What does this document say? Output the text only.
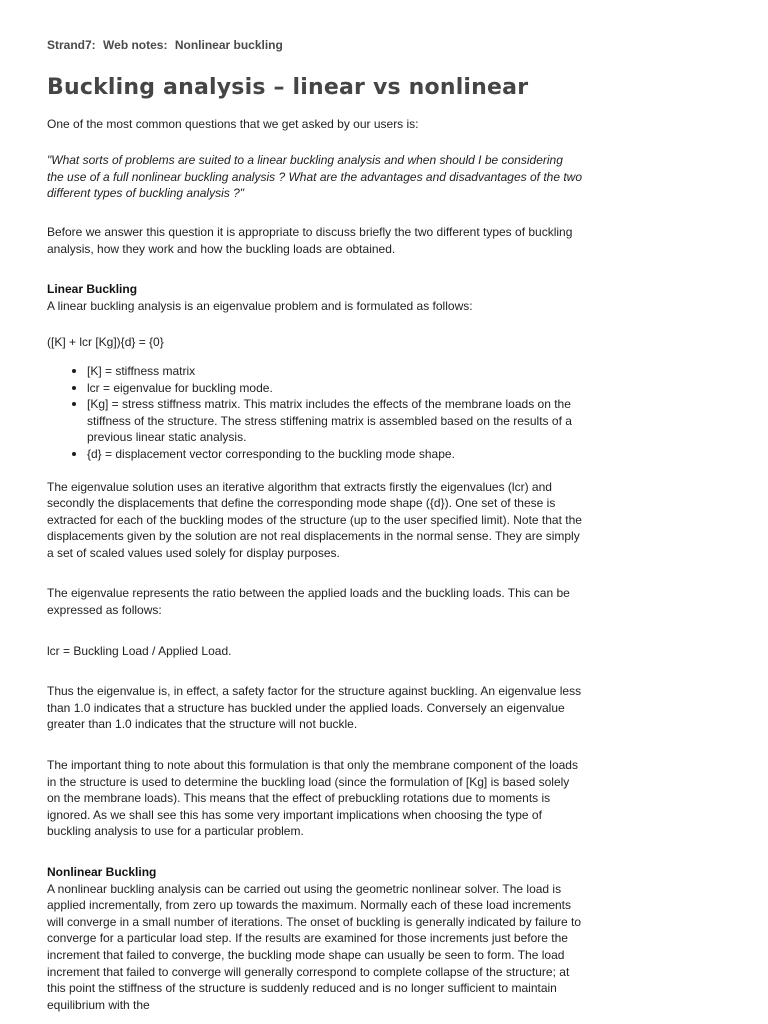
Strand7: Web notes: Nonlinear buckling
Buckling analysis – linear vs nonlinear

One of the most common questions that we get asked by our users is:

"What sorts of problems are suited to a linear buckling analysis and when should I be considering the use of a full nonlinear buckling analysis ? What are the advantages and disadvantages of the two different types of buckling analysis ?"

Before we answer this question it is appropriate to discuss briefly the two different types of buckling analysis, how they work and how the buckling loads are obtained.

Linear Buckling

A linear buckling analysis is an eigenvalue problem and is formulated as follows:

([K] + lcr [Kg]){d} = {0}

• [K] = stiffness matrix
• lcr = eigenvalue for buckling mode.
• [Kg] = stress stiffness matrix. This matrix includes the effects of the membrane loads on the stiffness of the structure. The stress stiffening matrix is assembled based on the results of a previous linear static analysis.
• {d} = displacement vector corresponding to the buckling mode shape.

The eigenvalue solution uses an iterative algorithm that extracts firstly the eigenvalues (lcr) and secondly the displacements that define the corresponding mode shape ({d}). One set of these is extracted for each of the buckling modes of the structure (up to the user specified limit). Note that the displacements given by the solution are not real displacements in the normal sense. They are simply a set of scaled values used solely for display purposes.

The eigenvalue represents the ratio between the applied loads and the buckling loads. This can be expressed as follows:

lcr = Buckling Load / Applied Load.

Thus the eigenvalue is, in effect, a safety factor for the structure against buckling. An eigenvalue less than 1.0 indicates that a structure has buckled under the applied loads. Conversely an eigenvalue greater than 1.0 indicates that the structure will not buckle.

The important thing to note about this formulation is that only the membrane component of the loads in the structure is used to determine the buckling load (since the formulation of [Kg] is based solely on the membrane loads). This means that the effect of prebuckling rotations due to moments is ignored. As we shall see this has some very important implications when choosing the type of buckling analysis to use for a particular problem.

Nonlinear Buckling

A nonlinear buckling analysis can be carried out using the geometric nonlinear solver. The load is applied incrementally, from zero up towards the maximum. Normally each of these load increments will converge in a small number of iterations. The onset of buckling is generally indicated by failure to converge for a particular load step. If the results are examined for those increments just before the increment that failed to converge, the buckling mode shape can usually be seen to form. The load increment that failed to converge will generally correspond to complete collapse of the structure; at this point the stiffness of the structure is suddenly reduced and is no longer sufficient to maintain equilibrium with the
